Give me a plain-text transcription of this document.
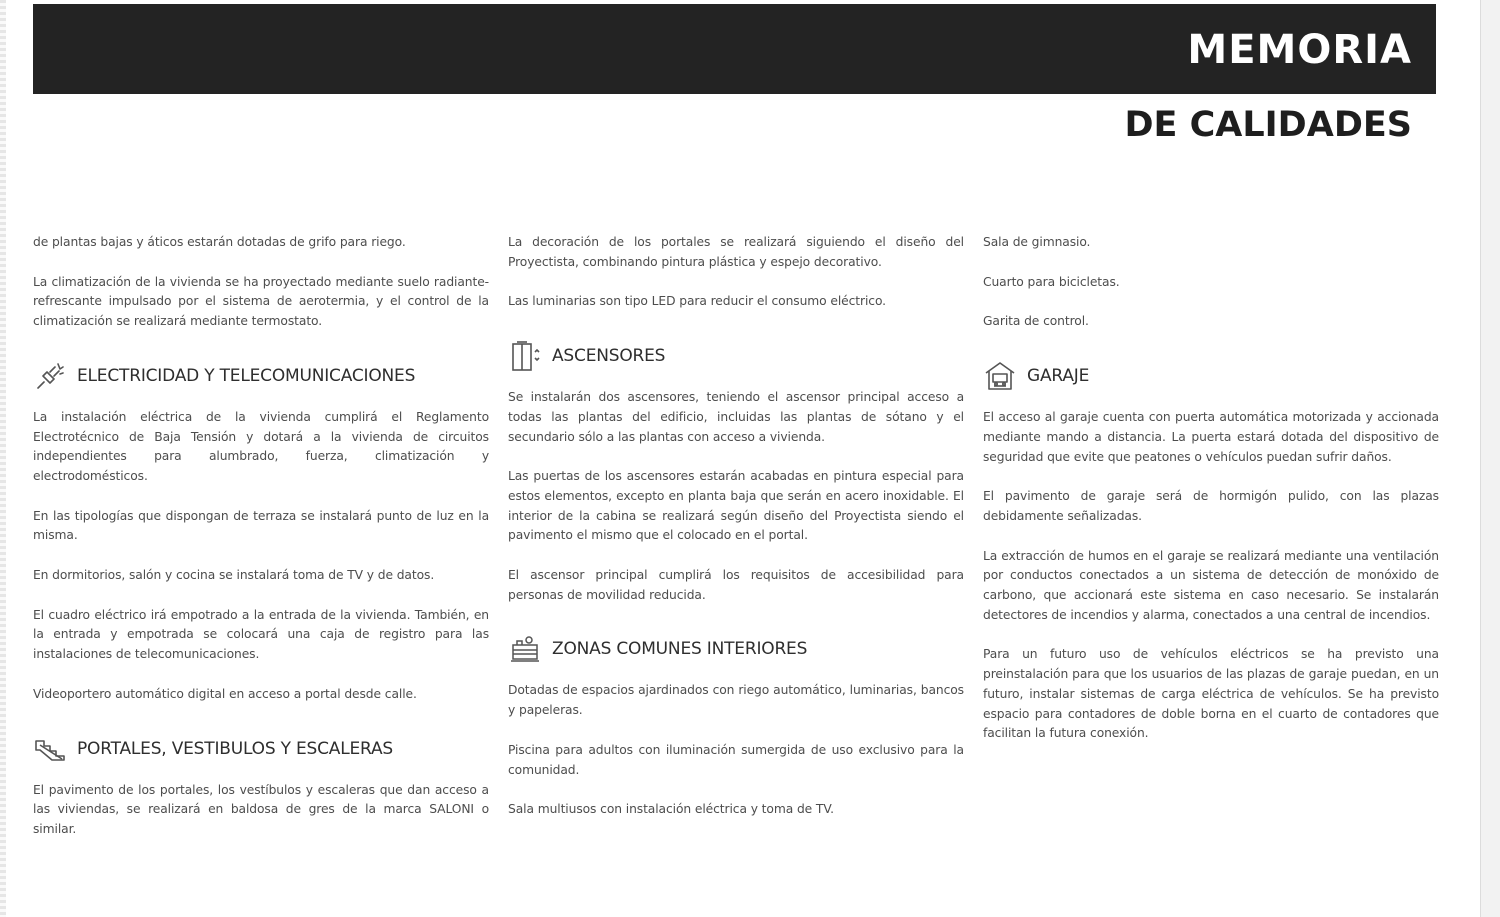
MEMORIA
DE CALIDADES

de plantas bajas y áticos estarán dotadas de grifo para riego.

La climatización de la vivienda se ha proyectado mediante suelo radiante-refrescante impulsado por el sistema de aerotermia, y el control de la climatización se realizará mediante termostato.

ELECTRICIDAD Y TELECOMUNICACIONES

La instalación eléctrica de la vivienda cumplirá el Reglamento Electrotécnico de Baja Tensión y dotará a la vivienda de circuitos independientes para alumbrado, fuerza, climatización y electrodomésticos.

En las tipologías que dispongan de terraza se instalará punto de luz en la misma.

En dormitorios, salón y cocina se instalará toma de TV y de datos.

El cuadro eléctrico irá empotrado a la entrada de la vivienda. También, en la entrada y empotrada se colocará una caja de registro para las instalaciones de telecomunicaciones.

Videoportero automático digital en acceso a portal desde calle.

PORTALES, VESTIBULOS Y ESCALERAS

El pavimento de los portales, los vestíbulos y escaleras que dan acceso a las viviendas, se realizará en baldosa de gres de la marca SALONI o similar.

La decoración de los portales se realizará siguiendo el diseño del Proyectista, combinando pintura plástica y espejo decorativo.

Las luminarias son tipo LED para reducir el consumo eléctrico.

ASCENSORES

Se instalarán dos ascensores, teniendo el ascensor principal acceso a todas las plantas del edificio, incluidas las plantas de sótano y el secundario sólo a las plantas con acceso a vivienda.

Las puertas de los ascensores estarán acabadas en pintura especial para estos elementos, excepto en planta baja que serán en acero inoxidable. El interior de la cabina se realizará según diseño del Proyectista siendo el pavimento el mismo que el colocado en el portal.

El ascensor principal cumplirá los requisitos de accesibilidad para personas de movilidad reducida.

ZONAS COMUNES INTERIORES

Dotadas de espacios ajardinados con riego automático, luminarias, bancos y papeleras.

Piscina para adultos con iluminación sumergida de uso exclusivo para la comunidad.

Sala multiusos con instalación eléctrica y toma de TV.

Sala de gimnasio.

Cuarto para bicicletas.

Garita de control.

GARAJE

El acceso al garaje cuenta con puerta automática motorizada y accionada mediante mando a distancia. La puerta estará dotada del dispositivo de seguridad que evite que peatones o vehículos puedan sufrir daños.

El pavimento de garaje será de hormigón pulido, con las plazas debidamente señalizadas.

La extracción de humos en el garaje se realizará mediante una ventilación por conductos conectados a un sistema de detección de monóxido de carbono, que accionará este sistema en caso necesario. Se instalarán detectores de incendios y alarma, conectados a una central de incendios.

Para un futuro uso de vehículos eléctricos se ha previsto una preinstalación para que los usuarios de las plazas de garaje puedan, en un futuro, instalar sistemas de carga eléctrica de vehículos. Se ha previsto espacio para contadores de doble borna en el cuarto de contadores que facilitan la futura conexión.
